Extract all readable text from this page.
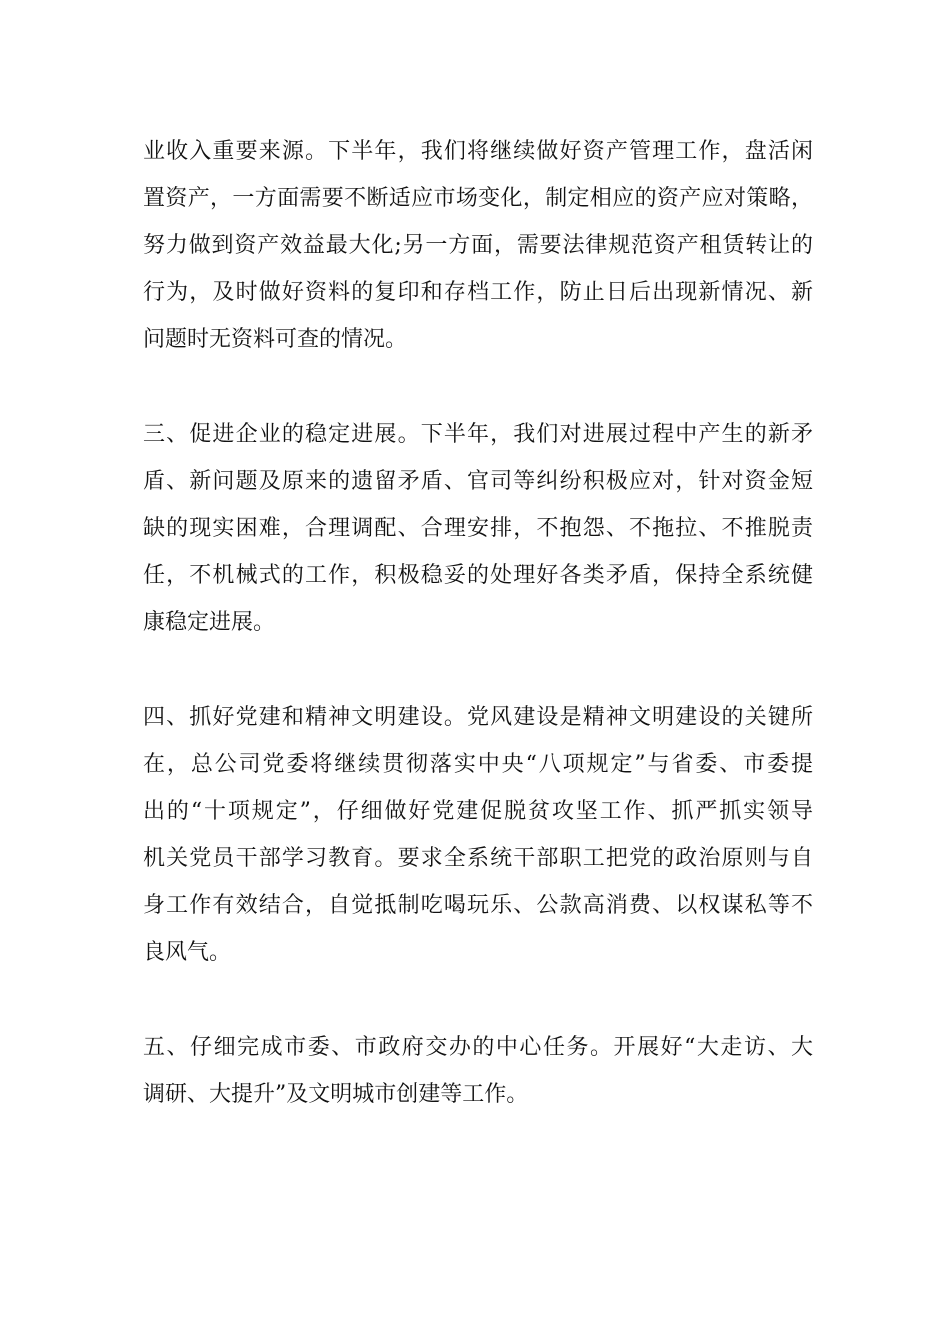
业收入重要来源。下半年，我们将继续做好资产管理工作，盘活闲
置资产，一方面需要不断适应市场变化，制定相应的资产应对策略，
努力做到资产效益最大化;另一方面，需要法律规范资产租赁转让的
行为，及时做好资料的复印和存档工作，防止日后出现新情况、新
问题时无资料可查的情况。
三、促进企业的稳定进展。下半年，我们对进展过程中产生的新矛
盾、新问题及原来的遗留矛盾、官司等纠纷积极应对，针对资金短
缺的现实困难，合理调配、合理安排，不抱怨、不拖拉、不推脱责
任，不机械式的工作，积极稳妥的处理好各类矛盾，保持全系统健
康稳定进展。
四、抓好党建和精神文明建设。党风建设是精神文明建设的关键所
在，总公司党委将继续贯彻落实中央“八项规定”与省委、市委提
出的“十项规定”，仔细做好党建促脱贫攻坚工作、抓严抓实领导
机关党员干部学习教育。要求全系统干部职工把党的政治原则与自
身工作有效结合，自觉抵制吃喝玩乐、公款高消费、以权谋私等不
良风气。
五、仔细完成市委、市政府交办的中心任务。开展好“大走访、大
调研、大提升”及文明城市创建等工作。
